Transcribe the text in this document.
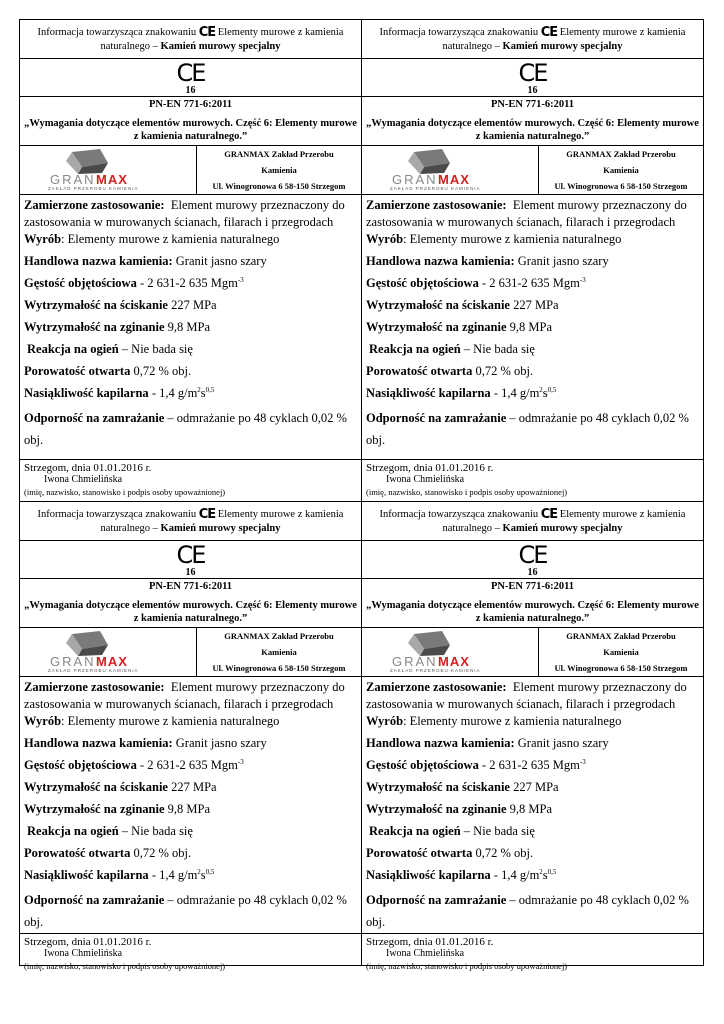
Informacja towarzysząca znakowaniu CE Elementy murowe z kamienia naturalnego – Kamień murowy specjalny
CE
16
PN-EN 771-6:2011
„Wymagania dotyczące elementów murowych. Część 6: Elementy murowe z kamienia naturalnego.”
GRAN MAX
ZAKŁAD PRZEROBU KAMIENIA
GRANMAX Zakład Przerobu
Kamienia
Ul. Winogronowa 6 58-150 Strzegom

Zamierzone zastosowanie: Element murowy przeznaczony do zastosowania w murowanych ścianach, filarach i przegrodach

Wyrób: Elementy murowe z kamienia naturalnego

Handlowa nazwa kamienia: Granit jasno szary

Gęstość objętościowa - 2 631-2 635 Mgm$^{-3}$

Wytrzymałość na ściskanie 227 MPa

Wytrzymałość na zginanie 9,8 MPa

Reakcja na ogień – Nie bada się

Porowatość otwarta 0,72 % obj.

Nasiąkliwość kapilarna - 1,4 $g/m^2s^{0,5}$

Odporność na zamrażanie – odmrażanie po 48 cyklach 0,02 % obj.

Strzegom, dnia 01.01.2016 r.
Iwona Chmielińska
(imię, nazwisko, stanowisko i podpis osoby upoważnionej)
Informacja towarzysząca znakowaniu CE Elementy murowe z kamienia naturalnego – Kamień murowy specjalny
CE
16
PN-EN 771-6:2011
„Wymagania dotyczące elementów murowych. Część 6: Elementy murowe z kamienia naturalnego.”
GRAN MAX
ZAKŁAD PRZEROBU KAMIENIA
GRANMAX Zakład Przerobu
Kamienia
Ul. Winogronowa 6 58-150 Strzegom

Zamierzone zastosowanie: Element murowy przeznaczony do zastosowania w murowanych ścianach, filarach i przegrodach

Wyrób: Elementy murowe z kamienia naturalnego

Handlowa nazwa kamienia: Granit jasno szary

Gęstość objętościowa - 2 631-2 635 Mgm$^{-3}$

Wytrzymałość na ściskanie 227 MPa

Wytrzymałość na zginanie 9,8 MPa

Reakcja na ogień – Nie bada się

Porowatość otwarta 0,72 % obj.

Nasiąkliwość kapilarna - 1,4 $g/m^2s^{0,5}$

Odporność na zamrażanie – odmrażanie po 48 cyklach 0,02 % obj.

Strzegom, dnia 01.01.2016 r.
Iwona Chmielińska
(imię, nazwisko, stanowisko i podpis osoby upoważnionej)
Informacja towarzysząca znakowaniu CE Elementy murowe z kamienia naturalnego – Kamień murowy specjalny
CE
16
PN-EN 771-6:2011
„Wymagania dotyczące elementów murowych. Część 6: Elementy murowe z kamienia naturalnego.”
GRAN MAX
ZAKŁAD PRZEROBU KAMIENIA
GRANMAX Zakład Przerobu
Kamienia
Ul. Winogronowa 6 58-150 Strzegom

Zamierzone zastosowanie: Element murowy przeznaczony do zastosowania w murowanych ścianach, filarach i przegrodach

Wyrób: Elementy murowe z kamienia naturalnego

Handlowa nazwa kamienia: Granit jasno szary

Gęstość objętościowa - 2 631-2 635 Mgm$^{-3}$

Wytrzymałość na ściskanie 227 MPa

Wytrzymałość na zginanie 9,8 MPa

Reakcja na ogień – Nie bada się

Porowatość otwarta 0,72 % obj.

Nasiąkliwość kapilarna - 1,4 $g/m^2s^{0,5}$

Odporność na zamrażanie – odmrażanie po 48 cyklach 0,02 % obj.

Strzegom, dnia 01.01.2016 r.
Iwona Chmielińska
(imię, nazwisko, stanowisko i podpis osoby upoważnionej)
Informacja towarzysząca znakowaniu CE Elementy murowe z kamienia naturalnego – Kamień murowy specjalny
CE
16
PN-EN 771-6:2011
„Wymagania dotyczące elementów murowych. Część 6: Elementy murowe z kamienia naturalnego.”
GRAN MAX
ZAKŁAD PRZEROBU KAMIENIA
GRANMAX Zakład Przerobu
Kamienia
Ul. Winogronowa 6 58-150 Strzegom

Zamierzone zastosowanie: Element murowy przeznaczony do zastosowania w murowanych ścianach, filarach i przegrodach

Wyrób: Elementy murowe z kamienia naturalnego

Handlowa nazwa kamienia: Granit jasno szary

Gęstość objętościowa - 2 631-2 635 Mgm$^{-3}$

Wytrzymałość na ściskanie 227 MPa

Wytrzymałość na zginanie 9,8 MPa

Reakcja na ogień – Nie bada się

Porowatość otwarta 0,72 % obj.

Nasiąkliwość kapilarna - 1,4 $g/m^2s^{0,5}$

Odporność na zamrażanie – odmrażanie po 48 cyklach 0,02 % obj.

Strzegom, dnia 01.01.2016 r.
Iwona Chmielińska
(imię, nazwisko, stanowisko i podpis osoby upoważnionej)
